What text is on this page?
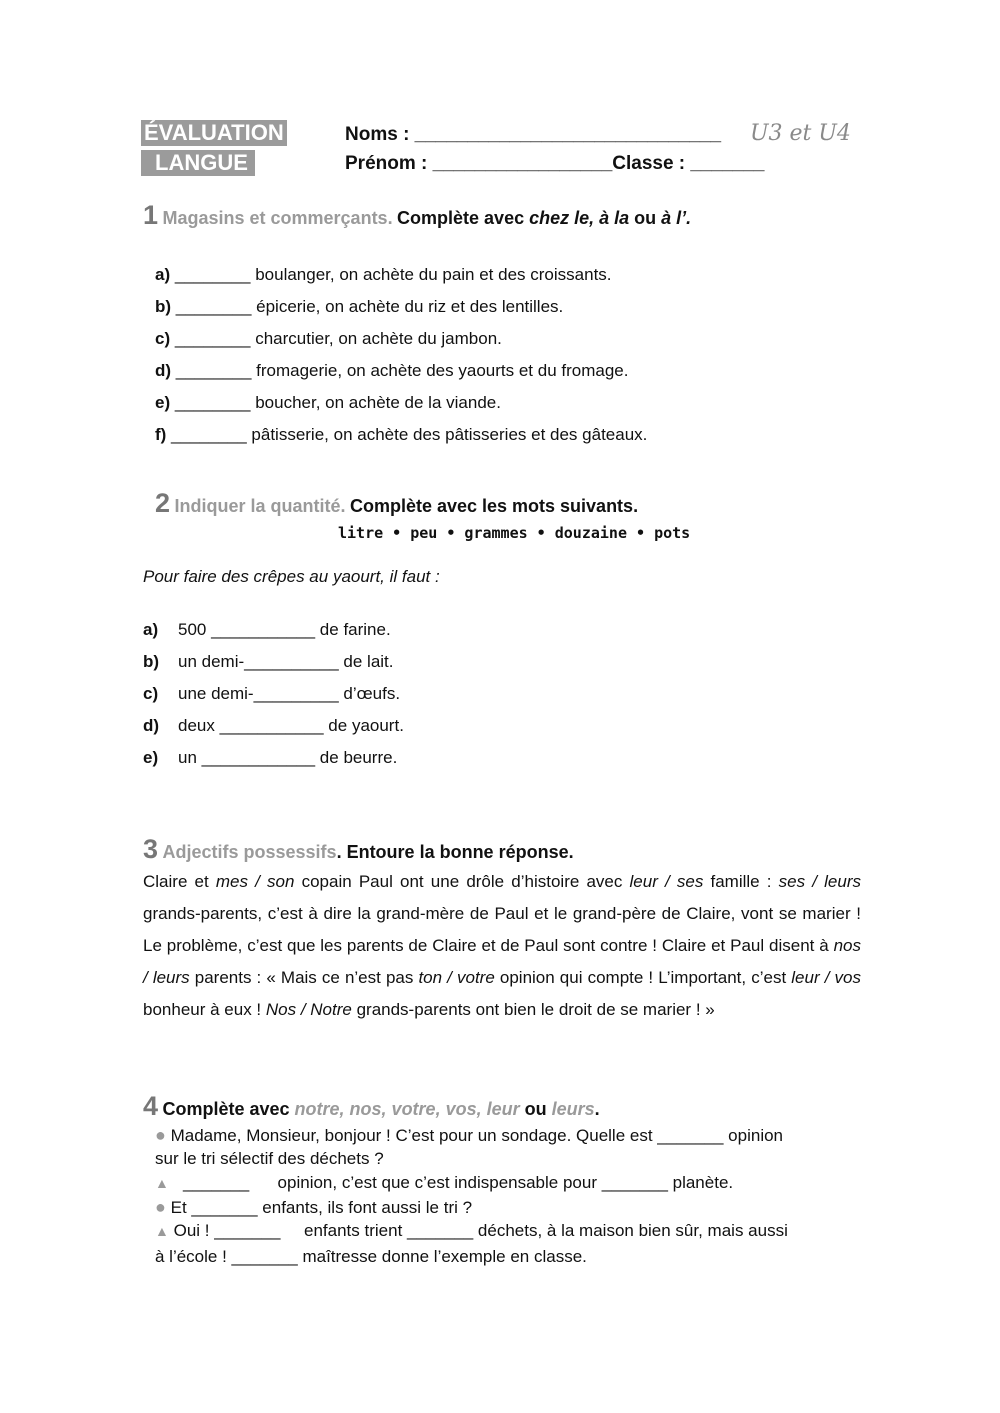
ÉVALUATION
LANGUE
Noms : _____________________________ U3 et U4
Prénom : _________________Classe : _______
1 Magasins et commerçants. Complète avec chez le, à la ou à l’.
a) ________ boulanger, on achète du pain et des croissants.
b) ________ épicerie, on achète du riz et des lentilles.
c) ________ charcutier, on achète du jambon.
d) ________ fromagerie, on achète des yaourts et du fromage.
e) ________ boucher, on achète de la viande.
f) ________ pâtisserie, on achète des pâtisseries et des gâteaux.
2 Indiquer la quantité. Complète avec les mots suivants.
litre • peu • grammes • douzaine • pots
Pour faire des crêpes au yaourt, il faut :
a) 500 ___________ de farine.
b) un demi-__________ de lait.
c) une demi-_________ d’œufs.
d) deux ___________ de yaourt.
e) un ____________ de beurre.
3 Adjectifs possessifs. Entoure la bonne réponse.
Claire et mes / son copain Paul ont une drôle d’histoire avec leur / ses famille : ses / leurs grands-parents, c’est à dire la grand-mère de Paul et le grand-père de Claire, vont se marier ! Le problème, c’est que les parents de Claire et de Paul sont contre ! Claire et Paul disent à nos / leurs parents : « Mais ce n’est pas ton / votre opinion qui compte ! L’important, c’est leur / vos bonheur à eux ! Nos / Notre grands-parents ont bien le droit de se marier ! »
4 Complète avec notre, nos, votre, vos, leur ou leurs.
● Madame, Monsieur, bonjour ! C’est pour un sondage. Quelle est _______ opinion
sur le tri sélectif des déchets ?
▲   _______      opinion, c’est que c’est indispensable pour _______ planète.
● Et _______ enfants, ils font aussi le tri ?
▲ Oui ! _______     enfants trient _______ déchets, à la maison bien sûr, mais aussi
à l’école ! _______ maîtresse donne l’exemple en classe.
